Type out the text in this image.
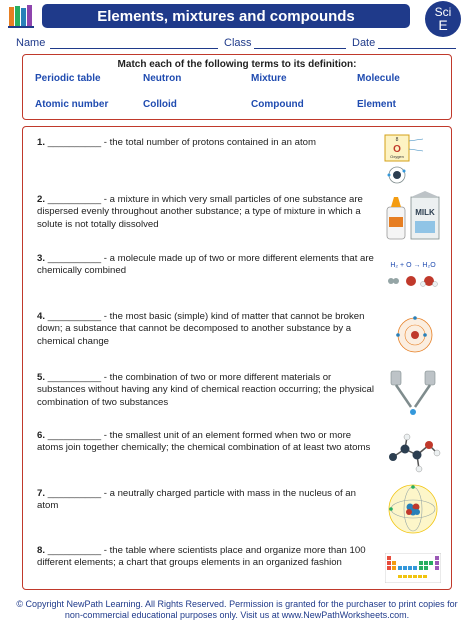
Elements, mixtures and compounds	Sci
E
Name	Class	Date
Match each of the following terms to its definition:
Periodic table	Neutron	Mixture	Molecule
Atomic number	Colloid	Compound	Element
1. __________ - the total number of protons contained in an atom
2. __________ - a mixture in which very small particles of one substance are dispersed evenly throughout another substance; a type of mixture in which a solute is not totally dissolved
3. __________ - a molecule made up of two or more different elements that are chemically combined
4. __________ - the most basic (simple) kind of matter that cannot be broken down; a substance that cannot be decomposed to another substance by a chemical change
5. __________ - the combination of two or more different materials or substances without having any kind of chemical reaction occurring; the physical combination of two substances
6. __________ - the smallest unit of an element formed when two or more atoms join together chemically; the chemical combination of at least two atoms
7. __________ - a neutrally charged particle with mass in the nucleus of an atom
8. __________ - the table where scientists place and organize more than 100 different elements; a chart that groups elements in an organized fashion
8
O
Oxygen
MILK
H₂ + O → H₂O
© Copyright NewPath Learning. All Rights Reserved. Permission is granted for the purchaser to print copies for
non-commercial educational purposes only. Visit us at www.NewPathWorksheets.com.
